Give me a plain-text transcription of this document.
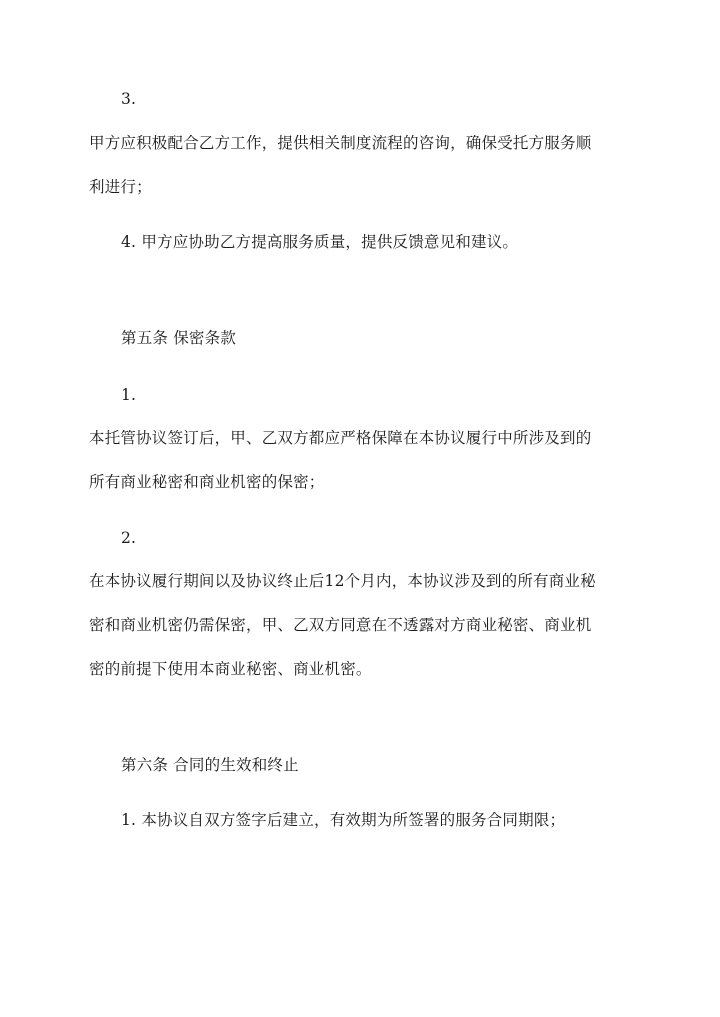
3.
甲方应积极配合乙方工作，提供相关制度流程的咨询，确保受托方服务顺
利进行；
4. 甲方应协助乙方提高服务质量，提供反馈意见和建议。
第五条 保密条款
1.
本托管协议签订后，甲、乙双方都应严格保障在本协议履行中所涉及到的
所有商业秘密和商业机密的保密；
2.
在本协议履行期间以及协议终止后12个月内，本协议涉及到的所有商业秘
密和商业机密仍需保密，甲、乙双方同意在不透露对方商业秘密、商业机
密的前提下使用本商业秘密、商业机密。
第六条 合同的生效和终止
1. 本协议自双方签字后建立，有效期为所签署的服务合同期限；
